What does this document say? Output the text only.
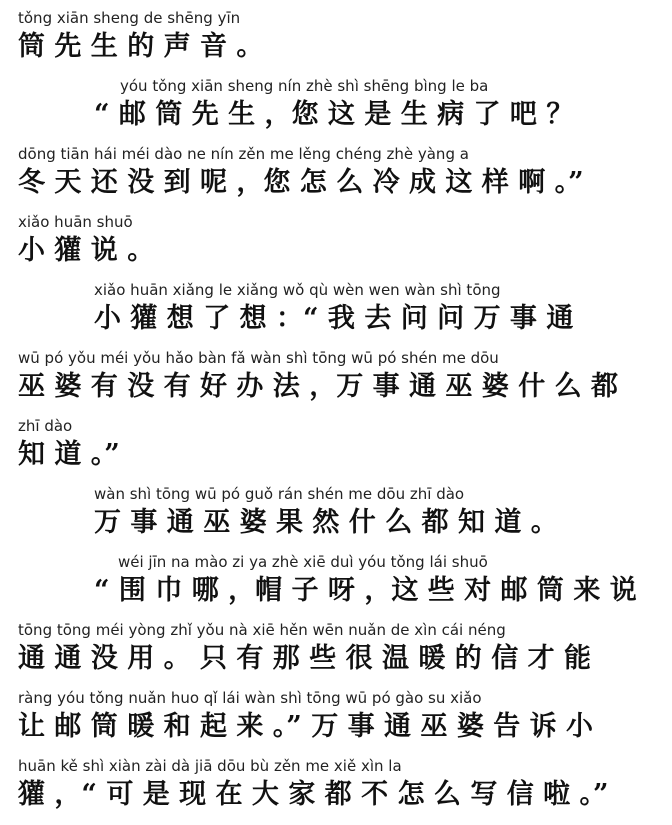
tǒng xiān sheng de shēng yīn
筒 先 生 的 声 音 。
yóu tǒng xiān sheng nín zhè shì shēng bìng le ba
“ 邮 筒 先 生 ，您 这 是 生 病 了 吧 ？
dōng tiān hái méi dào ne nín zěn me lěng chéng zhè yàng a
冬 天 还 没 到 呢 ，您 怎 么 冷 成 这 样 啊 。”
xiǎo huān shuō
小 獾 说 。
xiǎo huān xiǎng le xiǎng wǒ qù wèn wen wàn shì tōng
小 獾 想 了 想 ：“ 我 去 问 问 万 事 通
wū pó yǒu méi yǒu hǎo bàn fǎ wàn shì tōng wū pó shén me dōu
巫 婆 有 没 有 好 办 法 ，万 事 通 巫 婆 什 么 都
zhī dào
知 道 。”
wàn shì tōng wū pó guǒ rán shén me dōu zhī dào
万 事 通 巫 婆 果 然 什 么 都 知 道 。
wéi jīn na mào zi ya zhè xiē duì yóu tǒng lái shuō
“ 围 巾 哪 ，帽 子 呀 ，这 些 对 邮 筒 来 说
tōng tōng méi yòng zhǐ yǒu nà xiē hěn wēn nuǎn de xìn cái néng
通 通 没 用 。 只 有 那 些 很 温 暖 的 信 才 能
ràng yóu tǒng nuǎn huo qǐ lái wàn shì tōng wū pó gào su xiǎo
让 邮 筒 暖 和 起 来 。” 万 事 通 巫 婆 告 诉 小
huān kě shì xiàn zài dà jiā dōu bù zěn me xiě xìn la
獾 ，“ 可 是 现 在 大 家 都 不 怎 么 写 信 啦 。”
